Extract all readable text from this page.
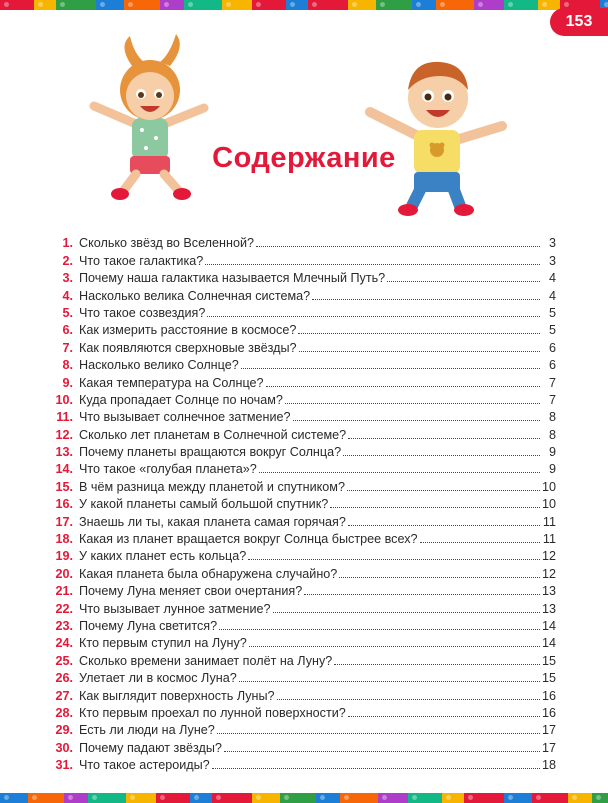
153
Содержание
1. Сколько звёзд во Вселенной?	3
2. Что такое галактика?	3
3. Почему наша галактика называется Млечный Путь?	4
4. Насколько велика Солнечная система?	4
5. Что такое созвездия?	5
6. Как измерить расстояние в космосе?	5
7. Как появляются сверхновые звёзды?	6
8. Насколько велико Солнце?	6
9. Какая температура на Солнце?	7
10. Куда пропадает Солнце по ночам?	7
11. Что вызывает солнечное затмение?	8
12. Сколько лет планетам в Солнечной системе?	8
13. Почему планеты вращаются вокруг Солнца?	9
14. Что такое «голубая планета»?	9
15. В чём разница между планетой и спутником?	10
16. У какой планеты самый большой спутник?	10
17. Знаешь ли ты, какая планета самая горячая?	11
18. Какая из планет вращается вокруг Солнца быстрее всех?	11
19. У каких планет есть кольца?	12
20. Какая планета была обнаружена случайно?	12
21. Почему Луна меняет свои очертания?	13
22. Что вызывает лунное затмение?	13
23. Почему Луна светится?	14
24. Кто первым ступил на Луну?	14
25. Сколько времени занимает полёт на Луну?	15
26. Улетает ли в космос Луна?	15
27. Как выглядит поверхность Луны?	16
28. Кто первым проехал по лунной поверхности?	16
29. Есть ли люди на Луне?	17
30. Почему падают звёзды?	17
31. Что такое астероиды?	18
